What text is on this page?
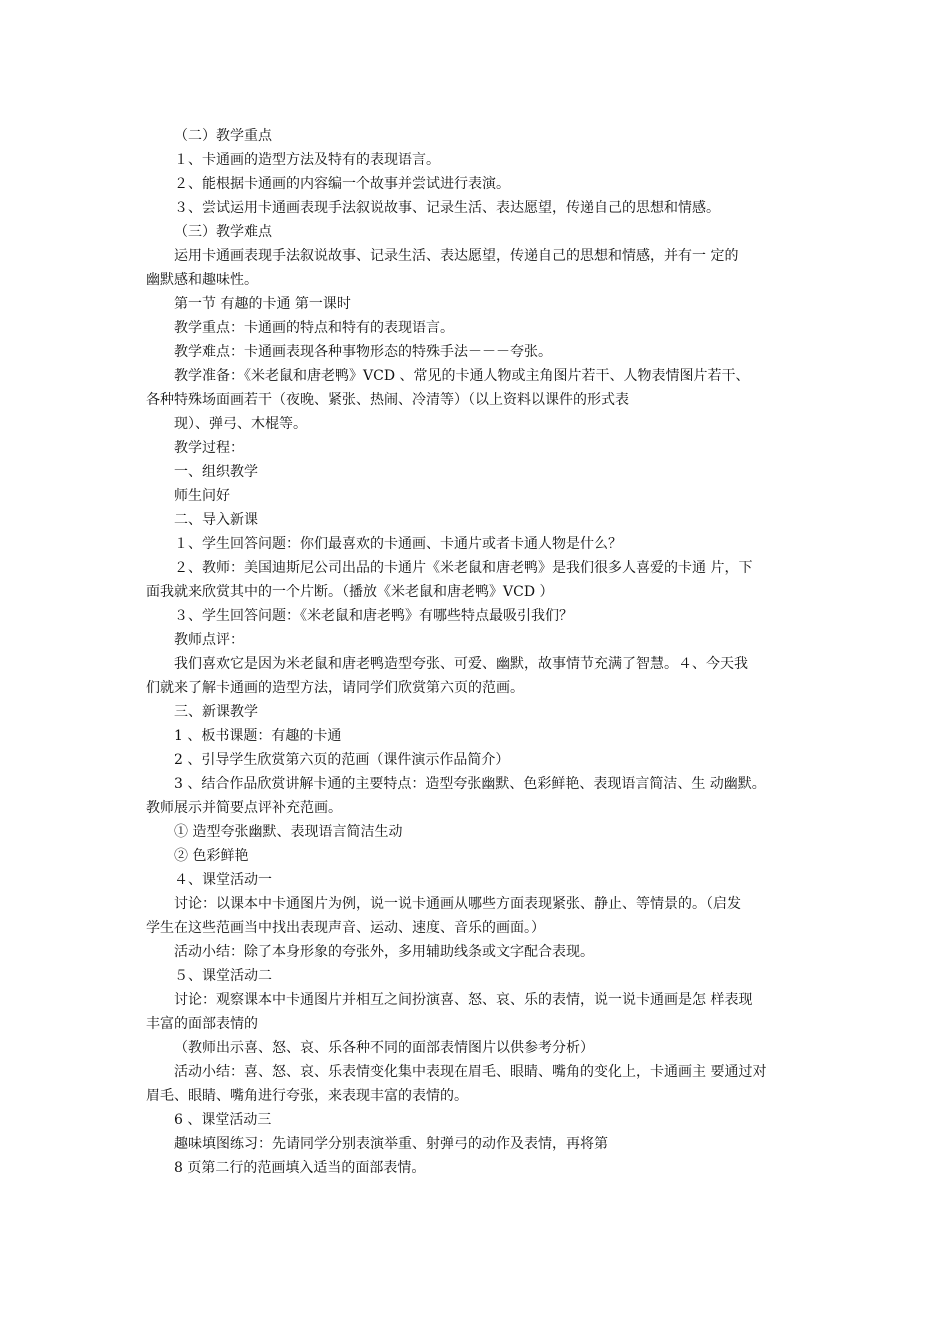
（二）教学重点
１、卡通画的造型方法及特有的表现语言。
２、能根据卡通画的内容编一个故事并尝试进行表演。
３、尝试运用卡通画表现手法叙说故事、记录生活、表达愿望，传递自己的思想和情感。
（三）教学难点
运用卡通画表现手法叙说故事、记录生活、表达愿望，传递自己的思想和情感，并有一 定的
幽默感和趣味性。
第一节 有趣的卡通 第一课时
教学重点：卡通画的特点和特有的表现语言。
教学难点：卡通画表现各种事物形态的特殊手法－－－夸张。
教学准备：《米老鼠和唐老鸭》VCD 、常见的卡通人物或主角图片若干、人物表情图片若干、
各种特殊场面画若干（夜晚、紧张、热闹、冷清等）（以上资料以课件的形式表
现）、弹弓、木棍等。
教学过程：
一、组织教学
师生问好
二、导入新课
１、学生回答问题：你们最喜欢的卡通画、卡通片或者卡通人物是什么？
２、教师：美国迪斯尼公司出品的卡通片《米老鼠和唐老鸭》是我们很多人喜爱的卡通 片，下
面我就来欣赏其中的一个片断。（播放《米老鼠和唐老鸭》VCD ）
３、学生回答问题：《米老鼠和唐老鸭》有哪些特点最吸引我们？
教师点评：
我们喜欢它是因为米老鼠和唐老鸭造型夸张、可爱、幽默，故事情节充满了智慧。４、今天我
们就来了解卡通画的造型方法，请同学们欣赏第六页的范画。
三、新课教学
1 、板书课题：有趣的卡通
2 、引导学生欣赏第六页的范画（课件演示作品简介）
3 、结合作品欣赏讲解卡通的主要特点：造型夸张幽默、色彩鲜艳、表现语言简洁、生 动幽默。
教师展示并简要点评补充范画。
① 造型夸张幽默、表现语言简洁生动
② 色彩鲜艳
４、课堂活动一
讨论：以课本中卡通图片为例，说一说卡通画从哪些方面表现紧张、静止、等情景的。（启发
学生在这些范画当中找出表现声音、运动、速度、音乐的画面。）
活动小结：除了本身形象的夸张外，多用辅助线条或文字配合表现。
５、课堂活动二
讨论：观察课本中卡通图片并相互之间扮演喜、怒、哀、乐的表情，说一说卡通画是怎 样表现
丰富的面部表情的
（教师出示喜、怒、哀、乐各种不同的面部表情图片以供参考分析）
活动小结：喜、怒、哀、乐表情变化集中表现在眉毛、眼睛、嘴角的变化上，卡通画主 要通过对
眉毛、眼睛、嘴角进行夸张，来表现丰富的表情的。
6 、课堂活动三
趣味填图练习：先请同学分别表演举重、射弹弓的动作及表情，再将第
8 页第二行的范画填入适当的面部表情。
